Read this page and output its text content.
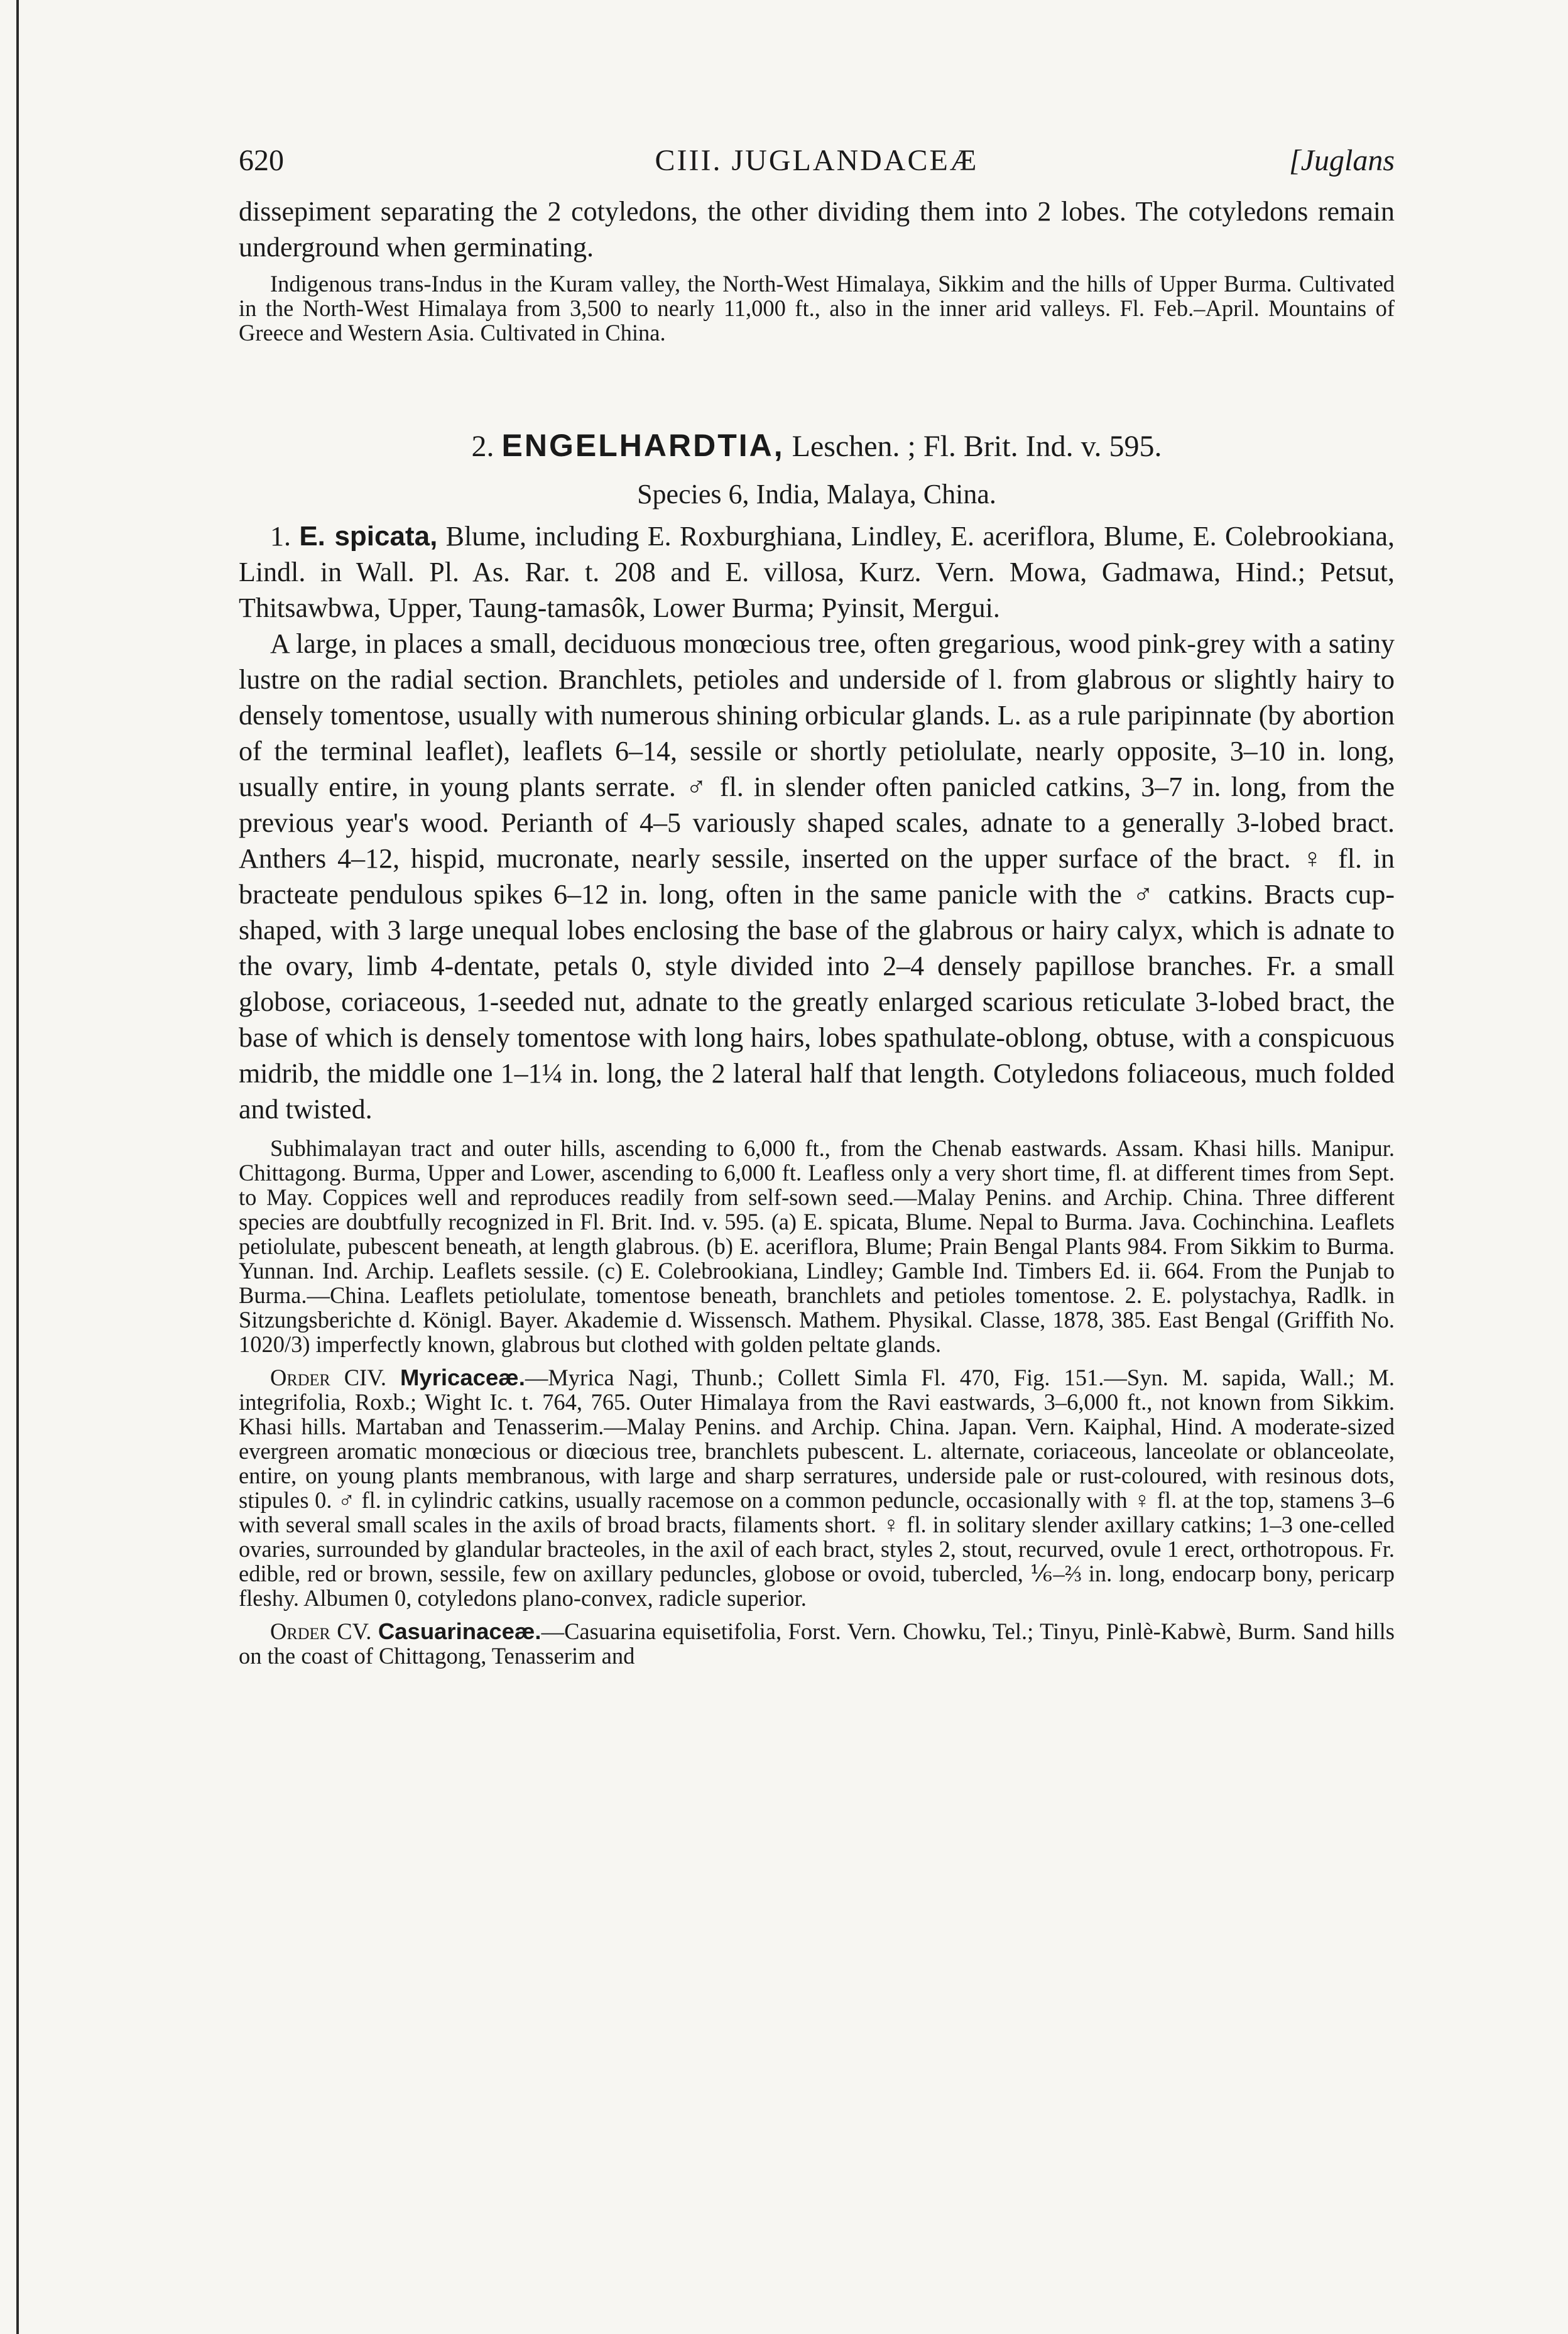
620	CIII. JUGLANDACEÆ	[Juglans

dissepiment separating the 2 cotyledons, the other dividing them into 2 lobes. The cotyledons remain underground when germinating.

Indigenous trans-Indus in the Kuram valley, the North-West Himalaya, Sikkim and the hills of Upper Burma. Cultivated in the North-West Himalaya from 3,500 to nearly 11,000 ft., also in the inner arid valleys. Fl. Feb.–April. Mountains of Greece and Western Asia. Cultivated in China.

2. ENGELHARDTIA, Leschen. ; Fl. Brit. Ind. v. 595.
Species 6, India, Malaya, China.

1. E. spicata, Blume, including E. Roxburghiana, Lindley, E. aceriflora, Blume, E. Colebrookiana, Lindl. in Wall. Pl. As. Rar. t. 208 and E. villosa, Kurz. Vern. Mowa, Gadmawa, Hind.; Petsut, Thitsawbwa, Upper, Taung-tamasôk, Lower Burma; Pyinsit, Mergui.

A large, in places a small, deciduous monœcious tree, often gregarious, wood pink-grey with a satiny lustre on the radial section. Branchlets, petioles and underside of l. from glabrous or slightly hairy to densely tomentose, usually with numerous shining orbicular glands. L. as a rule paripinnate (by abortion of the terminal leaflet), leaflets 6–14, sessile or shortly petiolulate, nearly opposite, 3–10 in. long, usually entire, in young plants serrate. ♂ fl. in slender often panicled catkins, 3–7 in. long, from the previous year's wood. Perianth of 4–5 variously shaped scales, adnate to a generally 3-lobed bract. Anthers 4–12, hispid, mucronate, nearly sessile, inserted on the upper surface of the bract. ♀ fl. in bracteate pendulous spikes 6–12 in. long, often in the same panicle with the ♂ catkins. Bracts cup-shaped, with 3 large unequal lobes enclosing the base of the glabrous or hairy calyx, which is adnate to the ovary, limb 4-dentate, petals 0, style divided into 2–4 densely papillose branches. Fr. a small globose, coriaceous, 1-seeded nut, adnate to the greatly enlarged scarious reticulate 3-lobed bract, the base of which is densely tomentose with long hairs, lobes spathulate-oblong, obtuse, with a conspicuous midrib, the middle one 1–1¼ in. long, the 2 lateral half that length. Cotyledons foliaceous, much folded and twisted.

Subhimalayan tract and outer hills, ascending to 6,000 ft., from the Chenab eastwards. Assam. Khasi hills. Manipur. Chittagong. Burma, Upper and Lower, ascending to 6,000 ft. Leafless only a very short time, fl. at different times from Sept. to May. Coppices well and reproduces readily from self-sown seed.—Malay Penins. and Archip. China. Three different species are doubtfully recognized in Fl. Brit. Ind. v. 595. (a) E. spicata, Blume. Nepal to Burma. Java. Cochinchina. Leaflets petiolulate, pubescent beneath, at length glabrous. (b) E. aceriflora, Blume; Prain Bengal Plants 984. From Sikkim to Burma. Yunnan. Ind. Archip. Leaflets sessile. (c) E. Colebrookiana, Lindley; Gamble Ind. Timbers Ed. ii. 664. From the Punjab to Burma.—China. Leaflets petiolulate, tomentose beneath, branchlets and petioles tomentose. 2. E. polystachya, Radlk. in Sitzungsberichte d. Königl. Bayer. Akademie d. Wissensch. Mathem. Physikal. Classe, 1878, 385. East Bengal (Griffith No. 1020/3) imperfectly known, glabrous but clothed with golden peltate glands.

Order CIV. Myricaceæ.—Myrica Nagi, Thunb.; Collett Simla Fl. 470, Fig. 151.—Syn. M. sapida, Wall.; M. integrifolia, Roxb.; Wight Ic. t. 764, 765. Outer Himalaya from the Ravi eastwards, 3–6,000 ft., not known from Sikkim. Khasi hills. Martaban and Tenasserim.—Malay Penins. and Archip. China. Japan. Vern. Kaiphal, Hind. A moderate-sized evergreen aromatic monœcious or diœcious tree, branchlets pubescent. L. alternate, coriaceous, lanceolate or oblanceolate, entire, on young plants membranous, with large and sharp serratures, underside pale or rust-coloured, with resinous dots, stipules 0. ♂ fl. in cylindric catkins, usually racemose on a common peduncle, occasionally with ♀ fl. at the top, stamens 3–6 with several small scales in the axils of broad bracts, filaments short. ♀ fl. in solitary slender axillary catkins; 1–3 one-celled ovaries, surrounded by glandular bracteoles, in the axil of each bract, styles 2, stout, recurved, ovule 1 erect, orthotropous. Fr. edible, red or brown, sessile, few on axillary peduncles, globose or ovoid, tubercled, ⅙–⅔ in. long, endocarp bony, pericarp fleshy. Albumen 0, cotyledons plano-convex, radicle superior.

Order CV. Casuarinaceæ.—Casuarina equisetifolia, Forst. Vern. Chowku, Tel.; Tinyu, Pinlè-Kabwè, Burm. Sand hills on the coast of Chittagong, Tenasserim and
